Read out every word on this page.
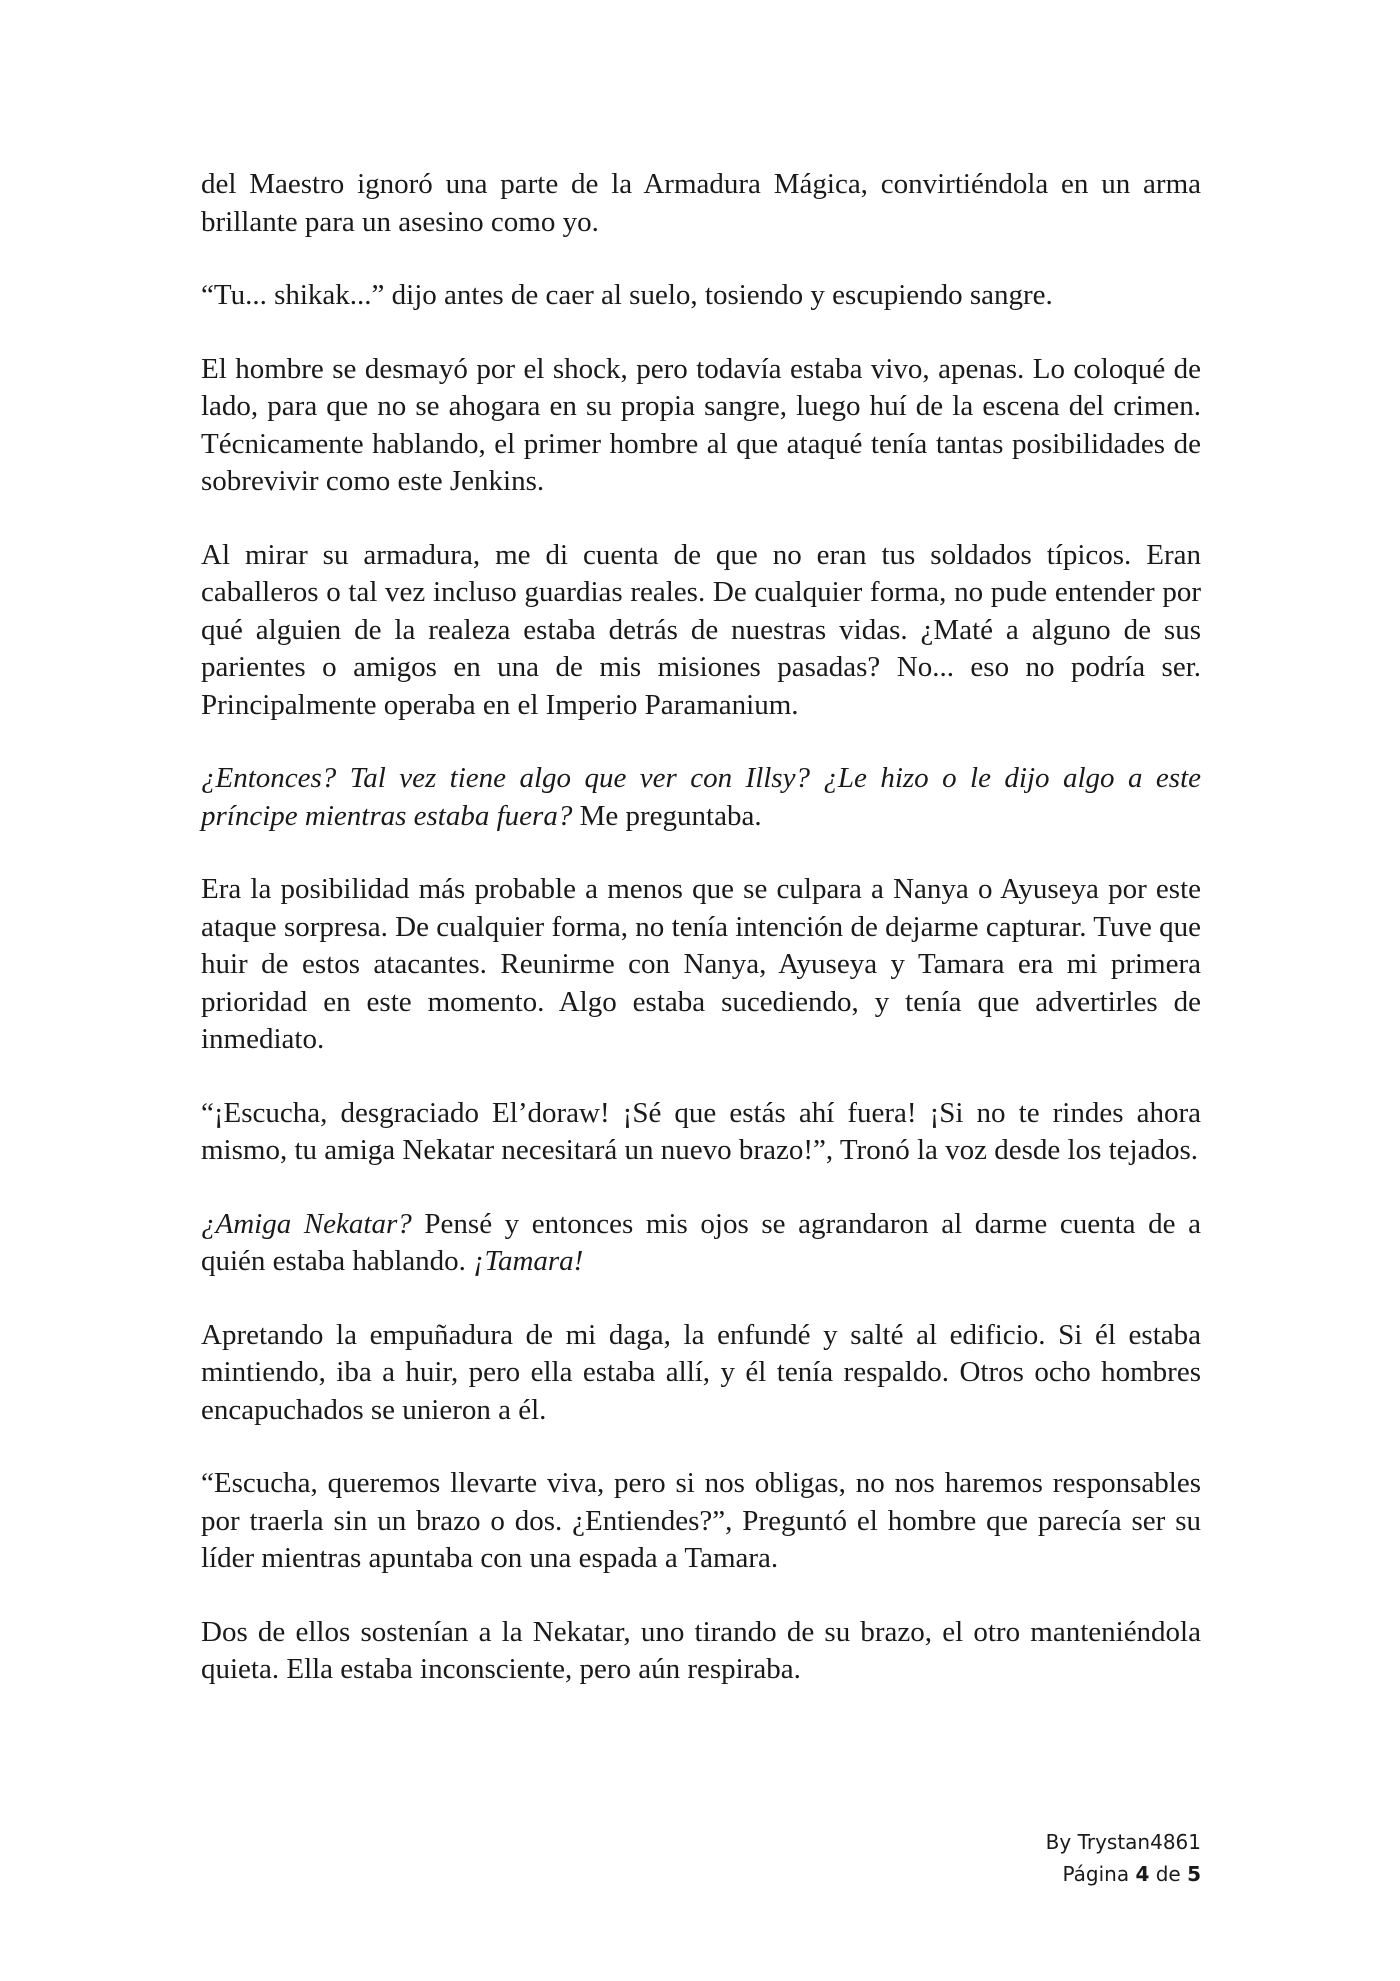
del Maestro ignoró una parte de la Armadura Mágica, convirtiéndola en un arma brillante para un asesino como yo.

“Tu... shikak...” dijo antes de caer al suelo, tosiendo y escupiendo sangre.

El hombre se desmayó por el shock, pero todavía estaba vivo, apenas. Lo coloqué de lado, para que no se ahogara en su propia sangre, luego huí de la escena del crimen. Técnicamente hablando, el primer hombre al que ataqué tenía tantas posibilidades de sobrevivir como este Jenkins.

Al mirar su armadura, me di cuenta de que no eran tus soldados típicos. Eran caballeros o tal vez incluso guardias reales. De cualquier forma, no pude entender por qué alguien de la realeza estaba detrás de nuestras vidas. ¿Maté a alguno de sus parientes o amigos en una de mis misiones pasadas? No... eso no podría ser. Principalmente operaba en el Imperio Paramanium.

¿Entonces? Tal vez tiene algo que ver con Illsy? ¿Le hizo o le dijo algo a este príncipe mientras estaba fuera? Me preguntaba.

Era la posibilidad más probable a menos que se culpara a Nanya o Ayuseya por este ataque sorpresa. De cualquier forma, no tenía intención de dejarme capturar. Tuve que huir de estos atacantes. Reunirme con Nanya, Ayuseya y Tamara era mi primera prioridad en este momento. Algo estaba sucediendo, y tenía que advertirles de inmediato.

“¡Escucha, desgraciado El’doraw! ¡Sé que estás ahí fuera! ¡Si no te rindes ahora mismo, tu amiga Nekatar necesitará un nuevo brazo!”, Tronó la voz desde los tejados.

¿Amiga Nekatar? Pensé y entonces mis ojos se agrandaron al darme cuenta de a quién estaba hablando. ¡Tamara!

Apretando la empuñadura de mi daga, la enfundé y salté al edificio. Si él estaba mintiendo, iba a huir, pero ella estaba allí, y él tenía respaldo. Otros ocho hombres encapuchados se unieron a él.

“Escucha, queremos llevarte viva, pero si nos obligas, no nos haremos responsables por traerla sin un brazo o dos. ¿Entiendes?”, Preguntó el hombre que parecía ser su líder mientras apuntaba con una espada a Tamara.

Dos de ellos sostenían a la Nekatar, uno tirando de su brazo, el otro manteniéndola quieta. Ella estaba inconsciente, pero aún respiraba.

By Trystan4861
Página 4 de 5
